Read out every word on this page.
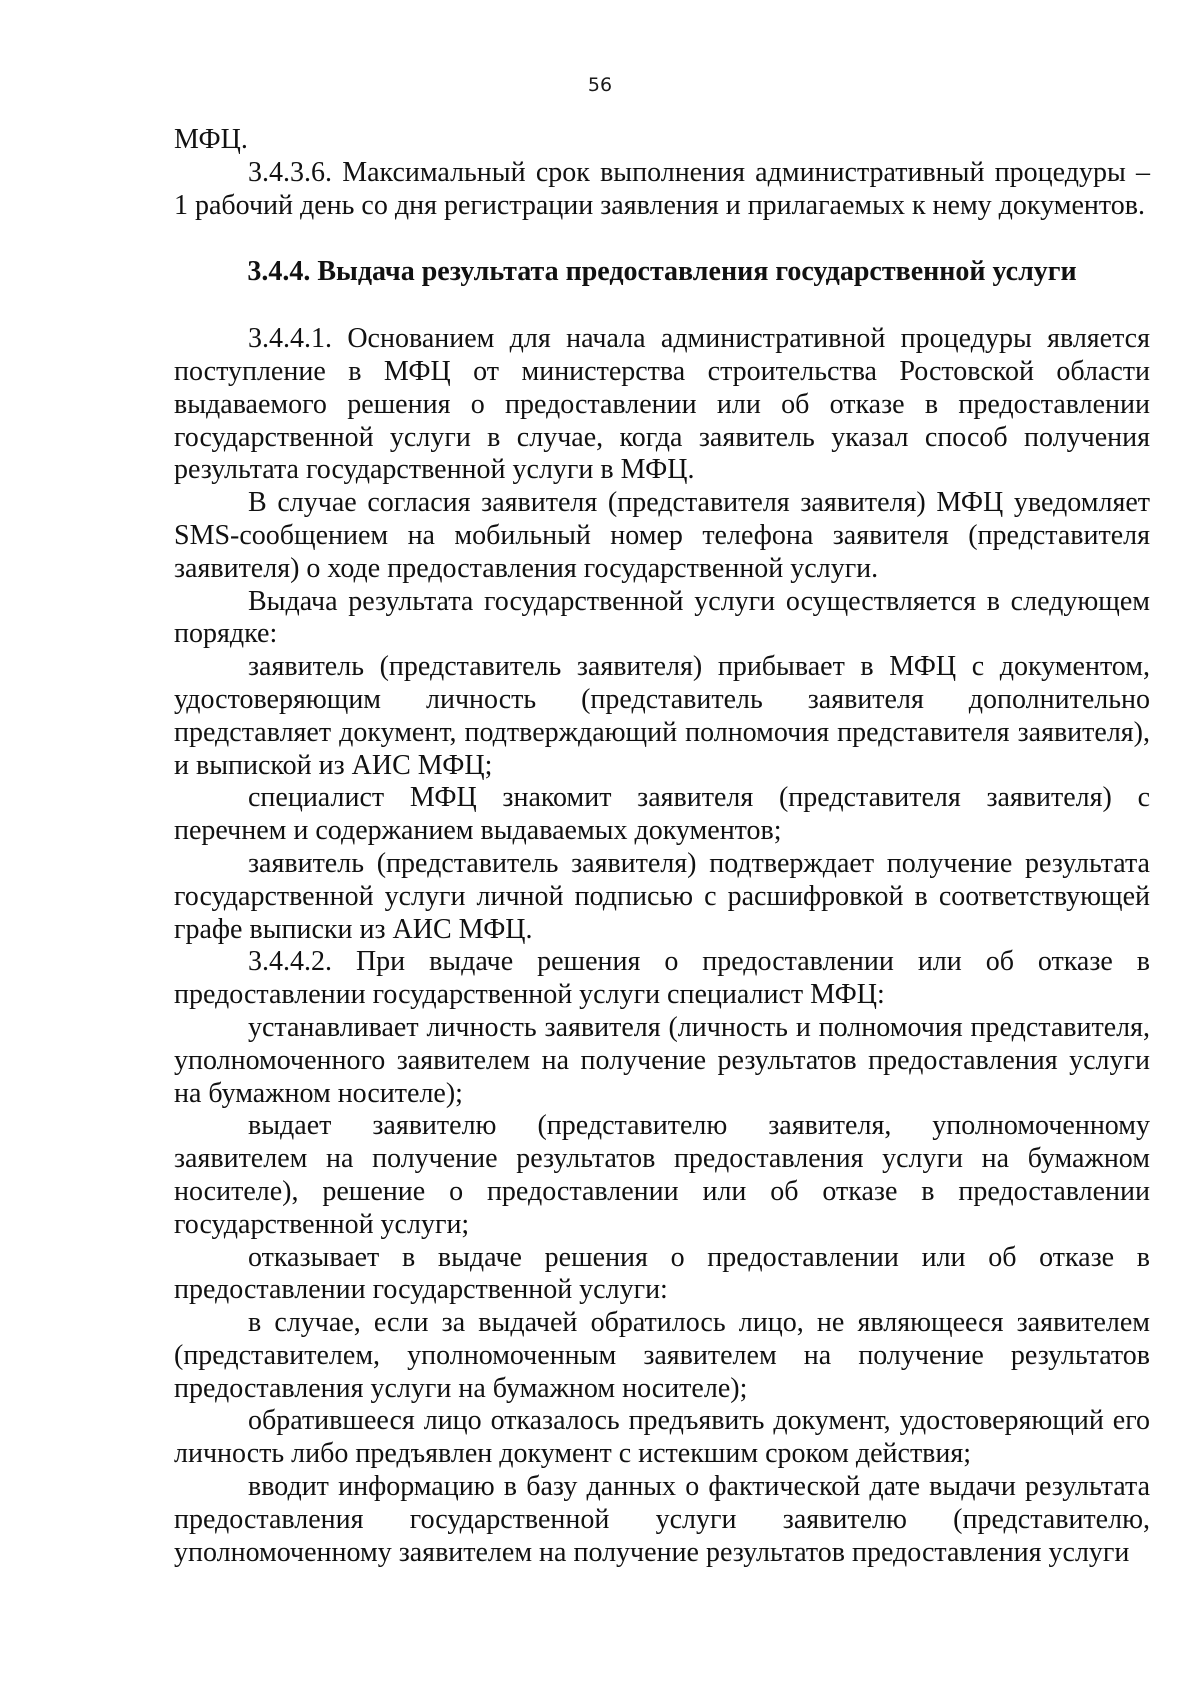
56

МФЦ.

3.4.3.6. Максимальный срок выполнения административный процедуры – 1 рабочий день со дня регистрации заявления и прилагаемых к нему документов.

3.4.4. Выдача результата предоставления государственной услуги

3.4.4.1. Основанием для начала административной процедуры является поступление в МФЦ от министерства строительства Ростовской области выдаваемого решения о предоставлении или об отказе в предоставлении государственной услуги в случае, когда заявитель указал способ получения результата государственной услуги в МФЦ.

В случае согласия заявителя (представителя заявителя) МФЦ уведомляет SMS-сообщением на мобильный номер телефона заявителя (представителя заявителя) о ходе предоставления государственной услуги.

Выдача результата государственной услуги осуществляется в следующем порядке:

заявитель (представитель заявителя) прибывает в МФЦ с документом, удостоверяющим личность (представитель заявителя дополнительно представляет документ, подтверждающий полномочия представителя заявителя), и выпиской из АИС МФЦ;

специалист МФЦ знакомит заявителя (представителя заявителя) с перечнем и содержанием выдаваемых документов;

заявитель (представитель заявителя) подтверждает получение результата государственной услуги личной подписью с расшифровкой в соответствующей графе выписки из АИС МФЦ.

3.4.4.2. При выдаче решения о предоставлении или об отказе в предоставлении государственной услуги специалист МФЦ:

устанавливает личность заявителя (личность и полномочия представителя, уполномоченного заявителем на получение результатов предоставления услуги на бумажном носителе);

выдает заявителю (представителю заявителя, уполномоченному заявителем на получение результатов предоставления услуги на бумажном носителе), решение о предоставлении или об отказе в предоставлении государственной услуги;

отказывает в выдаче решения о предоставлении или об отказе в предоставлении государственной услуги:

в случае, если за выдачей обратилось лицо, не являющееся заявителем (представителем, уполномоченным заявителем на получение результатов предоставления услуги на бумажном носителе);

обратившееся лицо отказалось предъявить документ, удостоверяющий его личность либо предъявлен документ с истекшим сроком действия;

вводит информацию в базу данных о фактической дате выдачи результата предоставления государственной услуги заявителю (представителю, уполномоченному заявителем на получение результатов предоставления услуги
